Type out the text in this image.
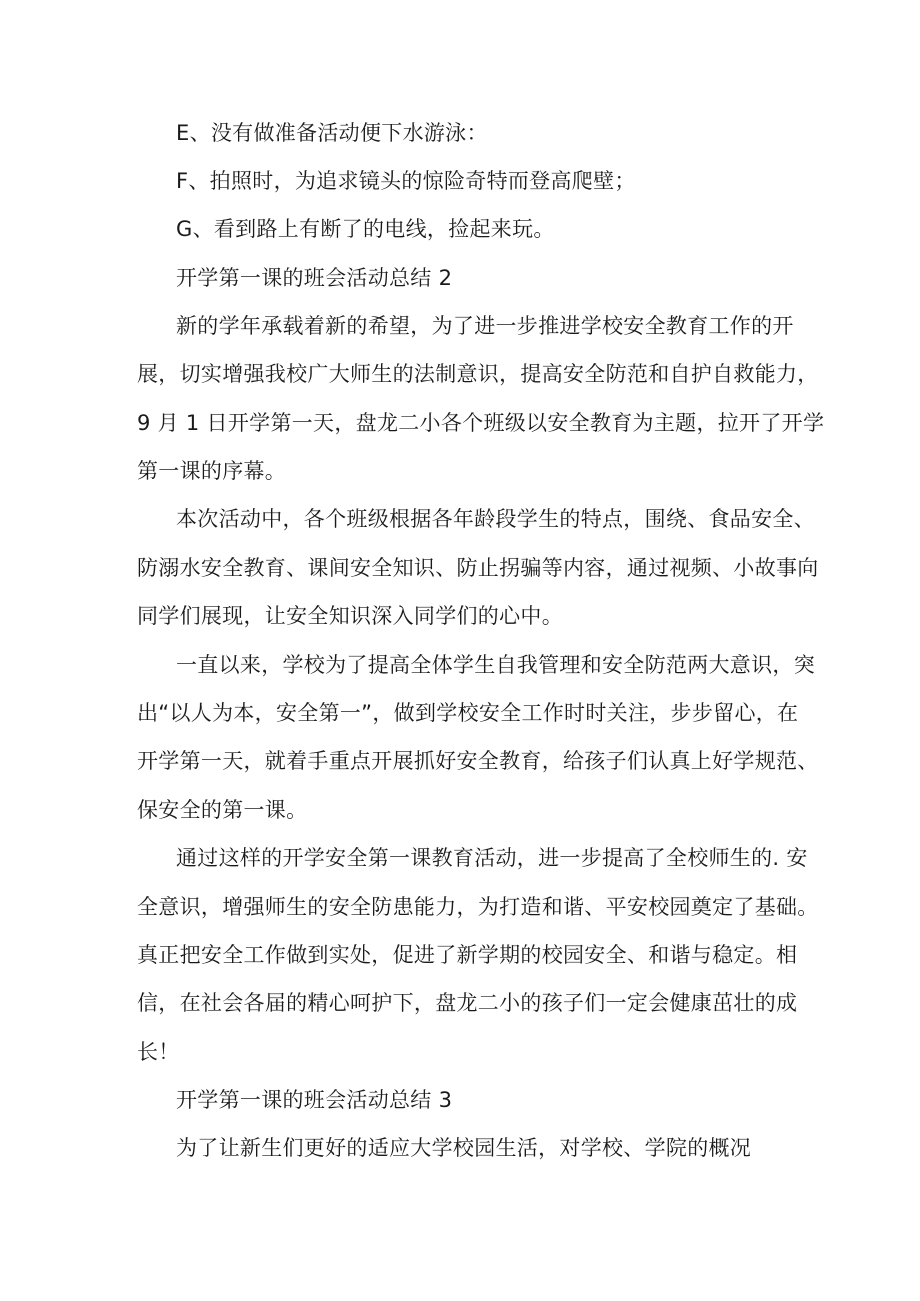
E、没有做准备活动便下水游泳：
F、拍照时，为追求镜头的惊险奇特而登高爬壁；
G、看到路上有断了的电线，捡起来玩。
开学第一课的班会活动总结 2
新的学年承载着新的希望，为了进一步推进学校安全教育工作的开
展，切实增强我校广大师生的法制意识，提高安全防范和自护自救能力，
9 月 1 日开学第一天，盘龙二小各个班级以安全教育为主题，拉开了开学
第一课的序幕。
本次活动中，各个班级根据各年龄段学生的特点，围绕、食品安全、
防溺水安全教育、课间安全知识、防止拐骗等内容，通过视频、小故事向
同学们展现，让安全知识深入同学们的心中。
一直以来，学校为了提高全体学生自我管理和安全防范两大意识，突
出“以人为本，安全第一”，做到学校安全工作时时关注，步步留心，在
开学第一天，就着手重点开展抓好安全教育，给孩子们认真上好学规范、
保安全的第一课。
通过这样的开学安全第一课教育活动，进一步提高了全校师生的. 安
全意识，增强师生的安全防患能力，为打造和谐、平安校园奠定了基础。
真正把安全工作做到实处，促进了新学期的校园安全、和谐与稳定。相
信，在社会各届的精心呵护下，盘龙二小的孩子们一定会健康茁壮的成
长！
开学第一课的班会活动总结 3
为了让新生们更好的适应大学校园生活，对学校、学院的概况
